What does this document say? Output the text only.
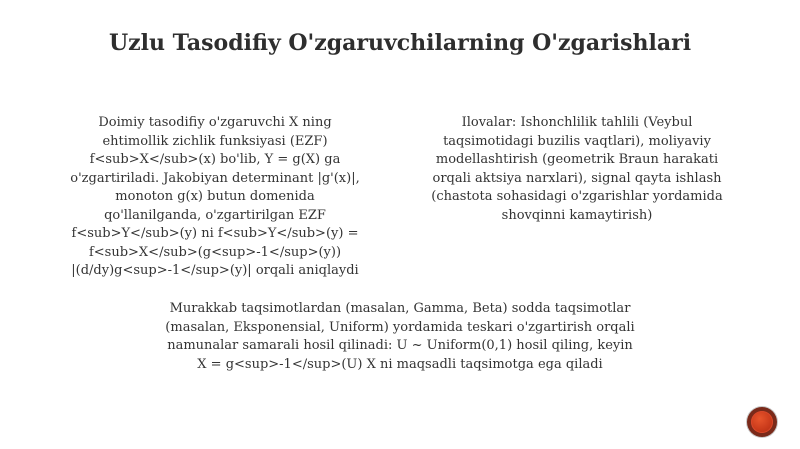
Uzlu Tasodifiy O'zgaruvchilarning O'zgarishlari

Doimiy tasodifiy o'zgaruvchi X ning
ehtimollik zichlik funksiyasi (EZF)
f<sub>X</sub>(x) bo'lib, Y = g(X) ga
o'zgartiriladi. Jakobiyan determinant |g'(x)|,
monoton g(x) butun domenida
qo'llanilganda, o'zgartirilgan EZF
f<sub>Y</sub>(y) ni f<sub>Y</sub>(y) =
f<sub>X</sub>(g<sup>-1</sup>(y))
|(d/dy)g<sup>-1</sup>(y)| orqali aniqlaydi

Ilovalar: Ishonchlilik tahlili (Veybul
taqsimotidagi buzilis vaqtlari), moliyaviy
modellashtirish (geometrik Braun harakati
orqali aktsiya narxlari), signal qayta ishlash
(chastota sohasidagi o'zgarishlar yordamida
shovqinni kamaytirish)

Murakkab taqsimotlardan (masalan, Gamma, Beta) sodda taqsimotlar
(masalan, Eksponensial, Uniform) yordamida teskari o'zgartirish orqali
namunalar samarali hosil qilinadi: U ~ Uniform(0,1) hosil qiling, keyin
X = g<sup>-1</sup>(U) X ni maqsadli taqsimotga ega qiladi
